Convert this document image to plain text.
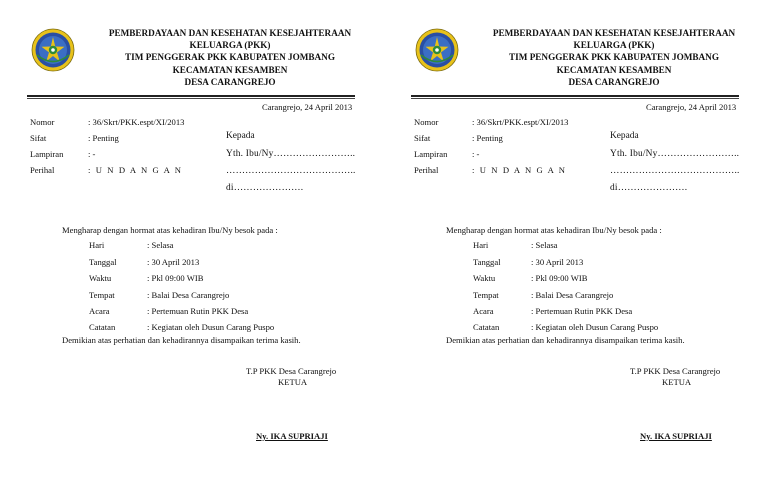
PEMBERDAYAAN DAN KESEHATAN KESEJAHTERAAN
KELUARGA (PKK)
TIM PENGGERAK PKK KABUPATEN JOMBANG
KECAMATAN KESAMBEN
DESA CARANGREJO
Carangrejo, 24 April 2013
Nomor	: 36/Skrt/PKK.espt/XI/2013
Sifat	: Penting
Lampiran	: -
Perihal	: U N D A N G A N
Kepada
Yth. Ibu/Ny……………………..
…………………………………..
di………………….
Mengharap dengan hormat atas kehadiran Ibu/Ny besok pada :
Hari	: Selasa
Tanggal	: 30 April 2013
Waktu	: Pkl 09:00 WIB
Tempat	: Balai Desa Carangrejo
Acara	: Pertemuan Rutin PKK Desa
Catatan	: Kegiatan oleh Dusun Carang Puspo
Demikian atas perhatian dan kehadirannya disampaikan terima kasih.
T.P PKK Desa Carangrejo
KETUA
Ny. IKA SUPRIAJI
PEMBERDAYAAN DAN KESEHATAN KESEJAHTERAAN
KELUARGA (PKK)
TIM PENGGERAK PKK KABUPATEN JOMBANG
KECAMATAN KESAMBEN
DESA CARANGREJO
Carangrejo, 24 April 2013
Nomor	: 36/Skrt/PKK.espt/XI/2013
Sifat	: Penting
Lampiran	: -
Perihal	: U N D A N G A N
Kepada
Yth. Ibu/Ny……………………..
…………………………………..
di………………….
Mengharap dengan hormat atas kehadiran Ibu/Ny besok pada :
Hari	: Selasa
Tanggal	: 30 April 2013
Waktu	: Pkl 09:00 WIB
Tempat	: Balai Desa Carangrejo
Acara	: Pertemuan Rutin PKK Desa
Catatan	: Kegiatan oleh Dusun Carang Puspo
Demikian atas perhatian dan kehadirannya disampaikan terima kasih.
T.P PKK Desa Carangrejo
KETUA
Ny. IKA SUPRIAJI
